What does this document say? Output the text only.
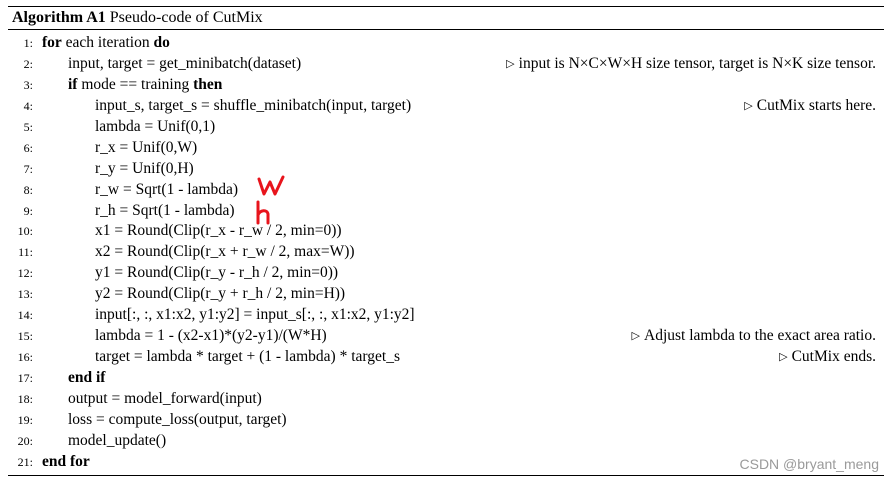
Algorithm A1 Pseudo-code of CutMix
1: for each iteration do
2: input, target = get_minibatch(dataset)	▷ input is N×C×W×H size tensor, target is N×K size tensor.
3: if mode == training then
4:	input_s, target_s = shuffle_minibatch(input, target)	▷ CutMix starts here.
5:	lambda = Unif(0,1)
6:	r_x = Unif(0,W)
7:	r_y = Unif(0,H)
8:	r_w = Sqrt(1 - lambda)
9:	r_h = Sqrt(1 - lambda)
10:	x1 = Round(Clip(r_x - r_w / 2, min=0))
11:	x2 = Round(Clip(r_x + r_w / 2, max=W))
12:	y1 = Round(Clip(r_y - r_h / 2, min=0))
13:	y2 = Round(Clip(r_y + r_h / 2, min=H))
14:	input[:, :, x1:x2, y1:y2] = input_s[:, :, x1:x2, y1:y2]
15:	lambda = 1 - (x2-x1)*(y2-y1)/(W*H)	▷ Adjust lambda to the exact area ratio.
16:	target = lambda * target + (1 - lambda) * target_s	▷ CutMix ends.
17: end if
18: output = model_forward(input)
19: loss = compute_loss(output, target)
20: model_update()
21: end for	CSDN @bryant_meng
